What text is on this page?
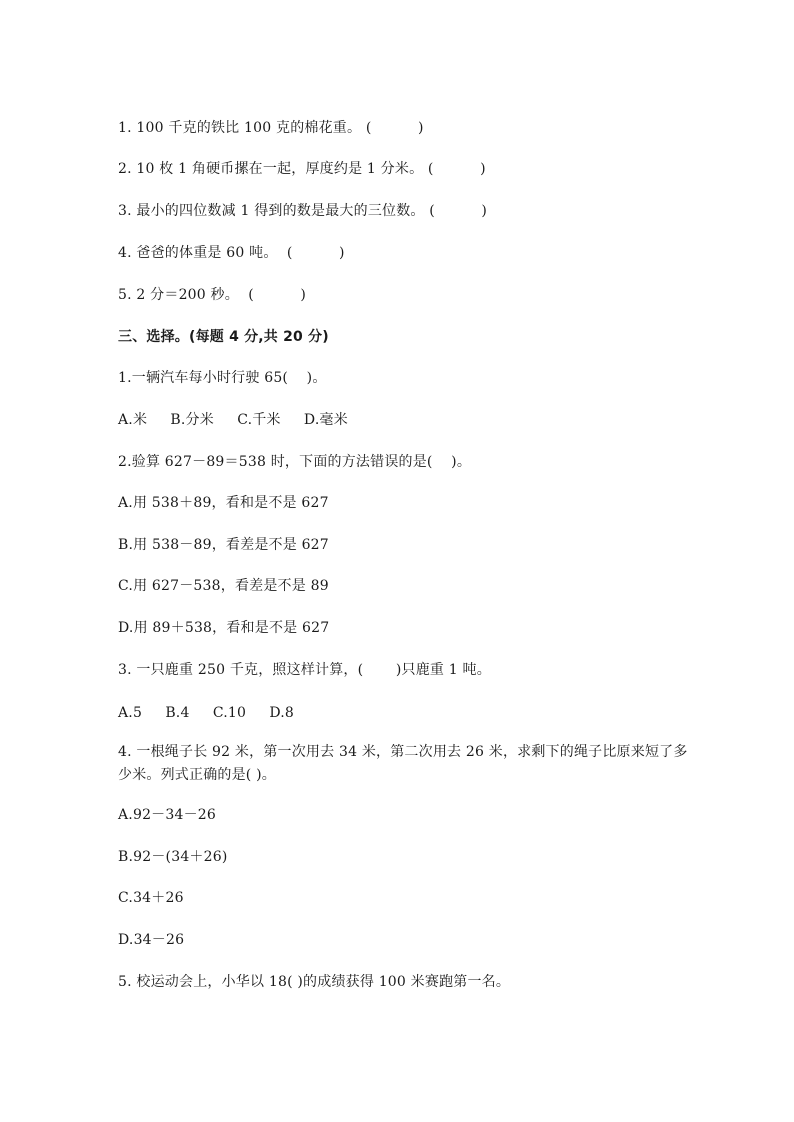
1. 100 千克的铁比 100 克的棉花重。 (          )
2. 10 枚 1 角硬币摞在一起，厚度约是 1 分米。 (          )
3. 最小的四位数减 1 得到的数是最大的三位数。 (          )
4. 爸爸的体重是 60 吨。  (          )
5. 2 分＝200 秒。  (          )
三、选择。(每题 4 分,共 20 分)
1.一辆汽车每小时行驶 65(    )。
A.米     B.分米     C.千米     D.毫米
2.验算 627－89＝538 时，下面的方法错误的是(    )。
A.用 538＋89，看和是不是 627
B.用 538－89，看差是不是 627
C.用 627－538，看差是不是 89
D.用 89＋538，看和是不是 627
3. 一只鹿重 250 千克，照这样计算，(       )只鹿重 1 吨。
A.5     B.4     C.10     D.8
4. 一根绳子长 92 米，第一次用去 34 米，第二次用去 26 米，求剩下的绳子比原来短了多少米。列式正确的是( )。
A.92－34－26
B.92－(34＋26)
C.34＋26
D.34－26
5. 校运动会上，小华以 18( )的成绩获得 100 米赛跑第一名。
